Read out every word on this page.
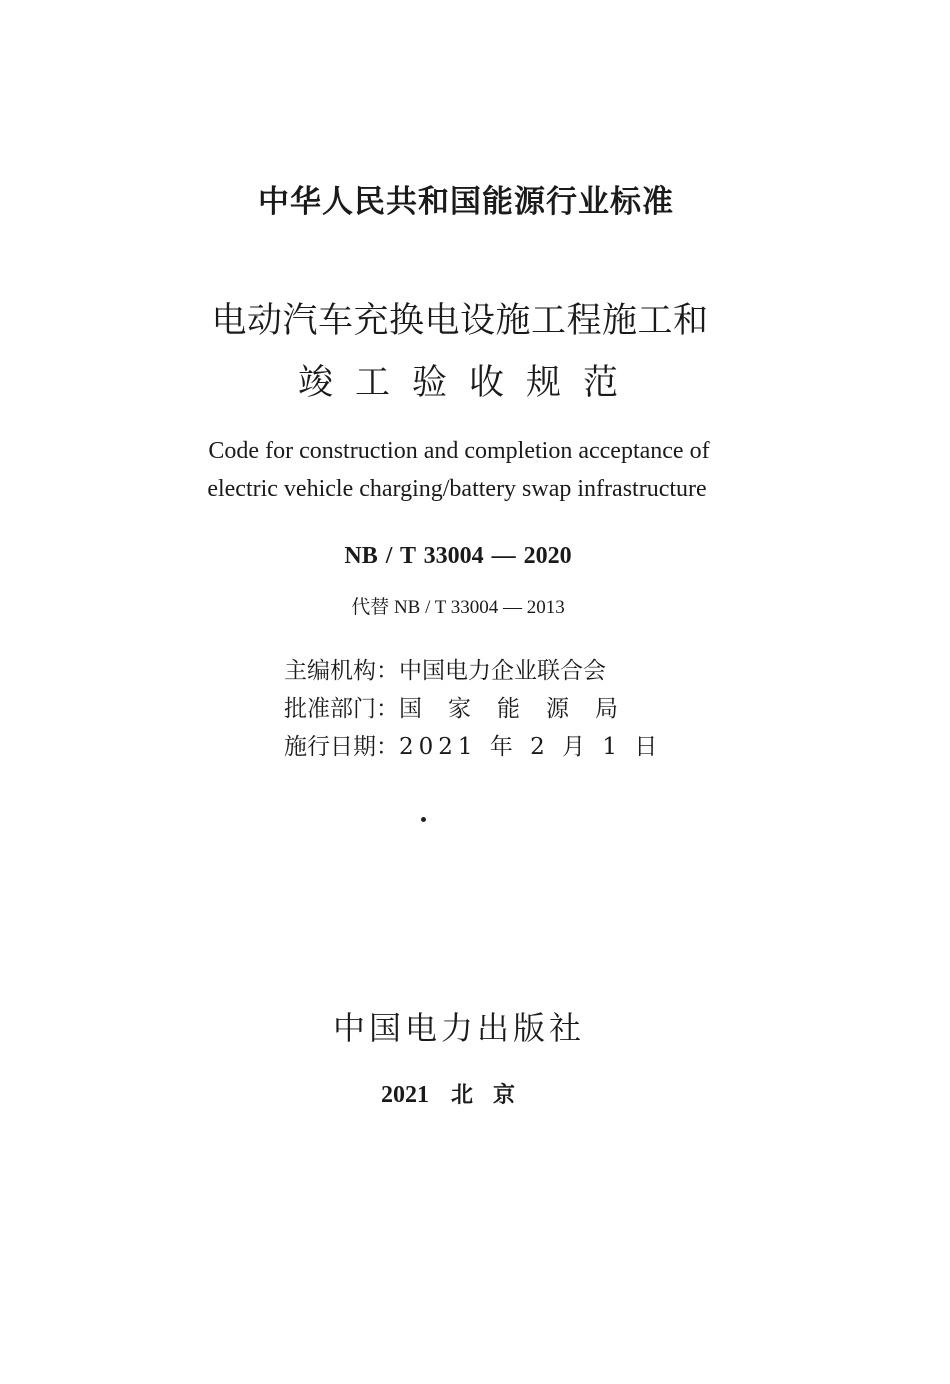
中华人民共和国能源行业标准
电动汽车充换电设施工程施工和
竣工验收规范
Code for construction and completion acceptance of
electric vehicle charging/battery swap infrastructure
NB / T 33004 — 2020
代替 NB / T 33004 — 2013
主编机构：中国电力企业联合会
批准部门：国家能源局
施行日期：2021 年 2 月 1 日
中国电力出版社
2021 北京
